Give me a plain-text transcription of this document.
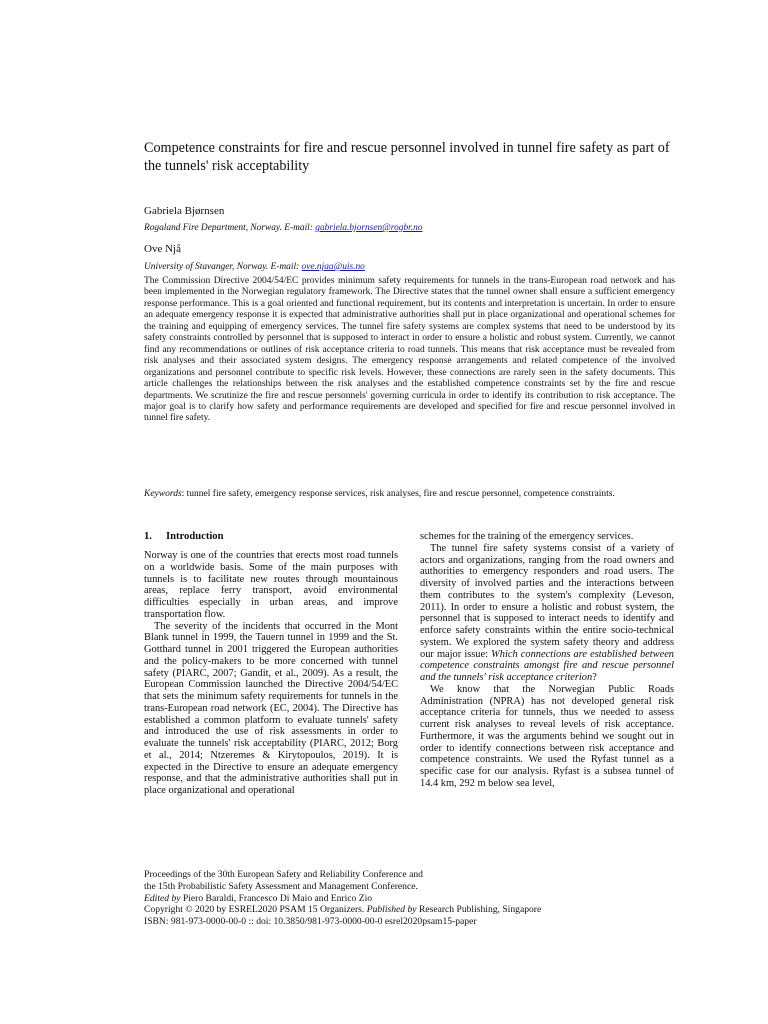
Competence constraints for fire and rescue personnel involved in tunnel fire safety as part of the tunnels' risk acceptability
Gabriela Bjørnsen
Rogaland Fire Department, Norway. E-mail: gabriela.bjornsen@rogbr.no
Ove Njå
University of Stavanger, Norway. E-mail: ove.njaa@uis.no
The Commission Directive 2004/54/EC provides minimum safety requirements for tunnels in the trans-European road network and has been implemented in the Norwegian regulatory framework. The Directive states that the tunnel owner shall ensure a sufficient emergency response performance. This is a goal oriented and functional requirement, but its contents and interpretation is uncertain. In order to ensure an adequate emergency response it is expected that administrative authorities shall put in place organizational and operational schemes for the training and equipping of emergency services. The tunnel fire safety systems are complex systems that need to be understood by its safety constraints controlled by personnel that is supposed to interact in order to ensure a holistic and robust system. Currently, we cannot find any recommendations or outlines of risk acceptance criteria to road tunnels. This means that risk acceptance must be revealed from risk analyses and their associated system designs. The emergency response arrangements and related competence of the involved organizations and personnel contribute to specific risk levels. However, these connections are rarely seen in the safety documents. This article challenges the relationships between the risk analyses and the established competence constraints set by the fire and rescue departments. We scrutinize the fire and rescue personnels' governing curricula in order to identify its contribution to risk acceptance. The major goal is to clarify how safety and performance requirements are developed and specified for fire and rescue personnel involved in tunnel fire safety.
Keywords: tunnel fire safety, emergency response services, risk analyses, fire and rescue personnel, competence constraints.
1. Introduction

Norway is one of the countries that erects most road tunnels on a worldwide basis. Some of the main purposes with tunnels is to facilitate new routes through mountainous areas, replace ferry transport, avoid environmental difficulties especially in urban areas, and improve transportation flow.

The severity of the incidents that occurred in the Mont Blank tunnel in 1999, the Tauern tunnel in 1999 and the St. Gotthard tunnel in 2001 triggered the European authorities and the policy-makers to be more concerned with tunnel safety (PIARC, 2007; Gandit, et al., 2009). As a result, the European Commission launched the Directive 2004/54/EC that sets the minimum safety requirements for tunnels in the trans-European road network (EC, 2004). The Directive has established a common platform to evaluate tunnels' safety and introduced the use of risk assessments in order to evaluate the tunnels' risk acceptability (PIARC, 2012; Borg et al., 2014; Ntzeremes & Kirytopoulos, 2019). It is expected in the Directive to ensure an adequate emergency response, and that the administrative authorities shall put in place organizational and operational

schemes for the training of the emergency services.

The tunnel fire safety systems consist of a variety of actors and organizations, ranging from the road owners and authorities to emergency responders and road users. The diversity of involved parties and the interactions between them contributes to the system's complexity (Leveson, 2011). In order to ensure a holistic and robust system, the personnel that is supposed to interact needs to identify and enforce safety constraints within the entire socio-technical system. We explored the system safety theory and address our major issue: Which connections are established between competence constraints amongst fire and rescue personnel and the tunnels' risk acceptance criterion?

We know that the Norwegian Public Roads Administration (NPRA) has not developed general risk acceptance criteria for tunnels, thus we needed to assess current risk analyses to reveal levels of risk acceptance. Furthermore, it was the arguments behind we sought out in order to identify connections between risk acceptance and competence constraints. We used the Ryfast tunnel as a specific case for our analysis. Ryfast is a subsea tunnel of 14.4 km, 292 m below sea level,

Proceedings of the 30th European Safety and Reliability Conference and
the 15th Probabilistic Safety Assessment and Management Conference.
Edited by Piero Baraldi, Francesco Di Maio and Enrico Zio
Copyright © 2020 by ESREL2020 PSAM 15 Organizers. Published by Research Publishing, Singapore
ISBN: 981-973-0000-00-0 :: doi: 10.3850/981-973-0000-00-0 esrel2020psam15-paper
